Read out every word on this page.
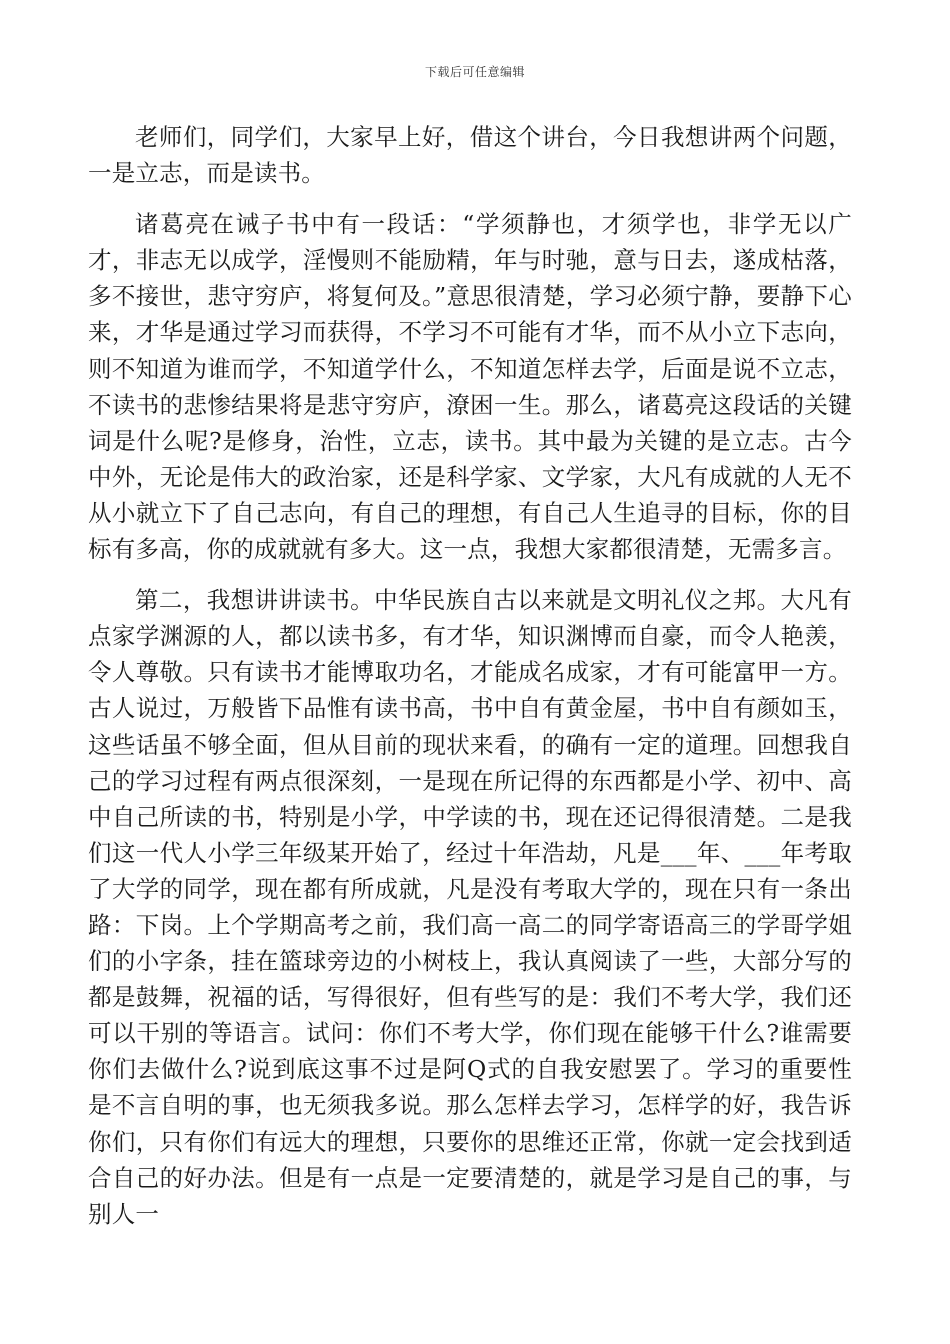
下载后可任意编辑

老师们，同学们，大家早上好，借这个讲台，今日我想讲两个问题，一是立志，而是读书。

诸葛亮在诫子书中有一段话：“学须静也，才须学也，非学无以广才，非志无以成学，淫慢则不能励精，年与时驰，意与日去，遂成枯落，多不接世，悲守穷庐，将复何及。”意思很清楚，学习必须宁静，要静下心来，才华是通过学习而获得，不学习不可能有才华，而不从小立下志向，则不知道为谁而学，不知道学什么，不知道怎样去学，后面是说不立志，不读书的悲惨结果将是悲守穷庐，潦困一生。那么，诸葛亮这段话的关键词是什么呢?是修身，治性，立志，读书。其中最为关键的是立志。古今中外，无论是伟大的政治家，还是科学家、文学家，大凡有成就的人无不从小就立下了自己志向，有自己的理想，有自己人生追寻的目标，你的目标有多高，你的成就就有多大。这一点，我想大家都很清楚，无需多言。

第二，我想讲讲读书。中华民族自古以来就是文明礼仪之邦。大凡有点家学渊源的人，都以读书多，有才华，知识渊博而自豪，而令人艳羡，令人尊敬。只有读书才能博取功名，才能成名成家，才有可能富甲一方。古人说过，万般皆下品惟有读书高，书中自有黄金屋，书中自有颜如玉，这些话虽不够全面，但从目前的现状来看，的确有一定的道理。回想我自己的学习过程有两点很深刻，一是现在所记得的东西都是小学、初中、高中自己所读的书，特别是小学，中学读的书，现在还记得很清楚。二是我们这一代人小学三年级某开始了，经过十年浩劫，凡是___年、___年考取了大学的同学，现在都有所成就，凡是没有考取大学的，现在只有一条出路：下岗。上个学期高考之前，我们高一高二的同学寄语高三的学哥学姐们的小字条，挂在篮球旁边的小树枝上，我认真阅读了一些，大部分写的都是鼓舞，祝福的话，写得很好，但有些写的是：我们不考大学，我们还可以干别的等语言。试问：你们不考大学，你们现在能够干什么?谁需要你们去做什么?说到底这事不过是阿Q式的自我安慰罢了。学习的重要性是不言自明的事，也无须我多说。那么怎样去学习，怎样学的好，我告诉你们，只有你们有远大的理想，只要你的思维还正常，你就一定会找到适合自己的好办法。但是有一点是一定要清楚的，就是学习是自己的事，与别人一
